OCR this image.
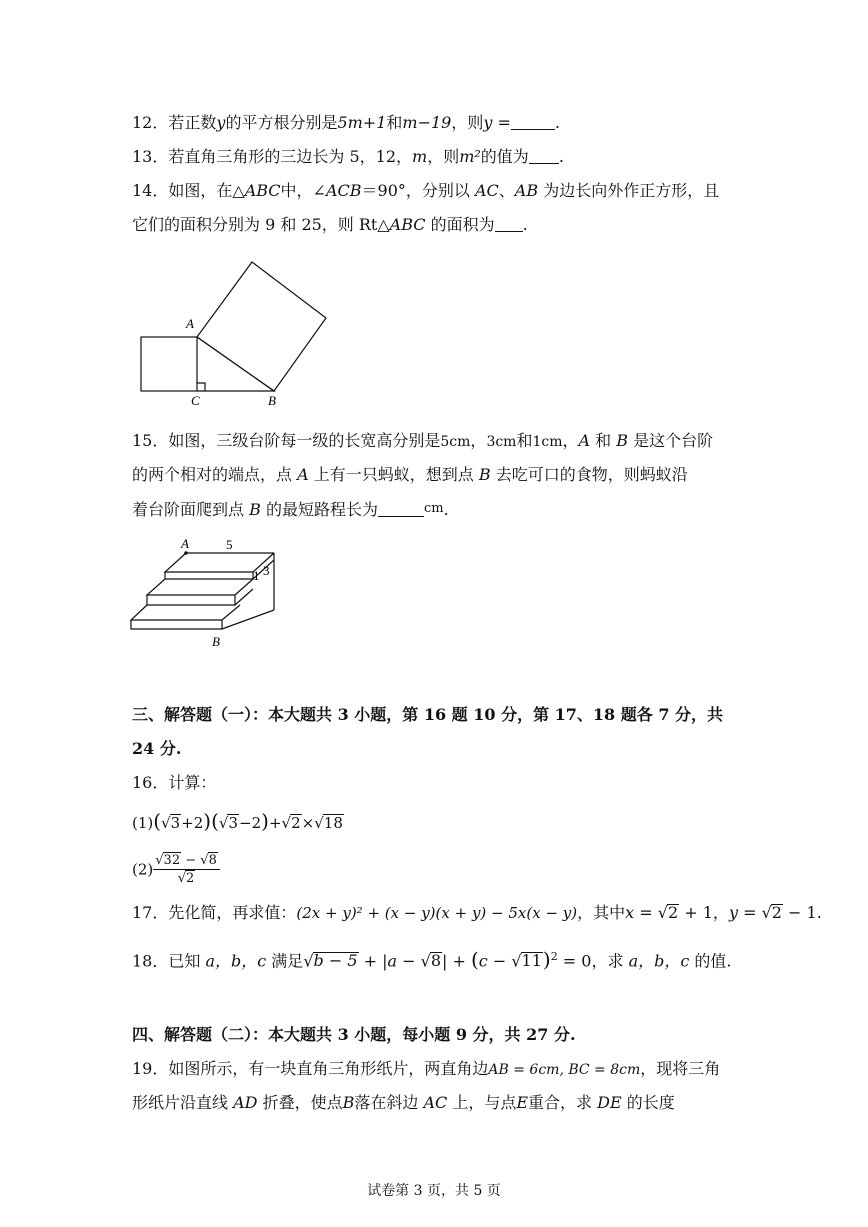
12．若正数y的平方根分别是5m+1和m−19，则y =	.
13．若直角三角形的三边长为 5，12，m，则m²的值为 .
14．如图，在△ABC中，∠ACB＝90°，分别以 AC、AB 为边长向外作正方形，且
它们的面积分别为 9 和 25，则 Rt△ABC 的面积为 .
A
B
C
15．如图，三级台阶每一级的长宽高分别是5cm，3cm和1cm，A 和 B 是这个台阶
的两个相对的端点，点 A 上有一只蚂蚁，想到点 B 去吃可口的食物，则蚂蚁沿
着台阶面爬到点 B 的最短路程长为	cm.
A	5
1 3
B
三、解答题（一）：本大题共 3 小题，第 16 题 10 分，第 17、18 题各 7 分，共
24 分.
16．计算：
(1)(√3+2)(√3−2)+√2×√18
$(2) \frac{√32 - √8}{√2}$
17．先化简，再求值：(2x + y)² + (x − y)(x + y) − 5x(x − y)，其中x = √2 + 1，y = √2 − 1.
18．已知 a，b，c 满足$√b - 5 + |a - √8| + (c - √11)^2 = 0$，求 a，b，c 的值.
四、解答题（二）：本大题共 3 小题，每小题 9 分，共 27 分.
19．如图所示，有一块直角三角形纸片，两直角边AB = 6cm, BC = 8cm，现将三角
形纸片沿直线 AD 折叠，使点B落在斜边 AC 上，与点E重合，求 DE 的长度
试卷第 3 页，共 5 页
